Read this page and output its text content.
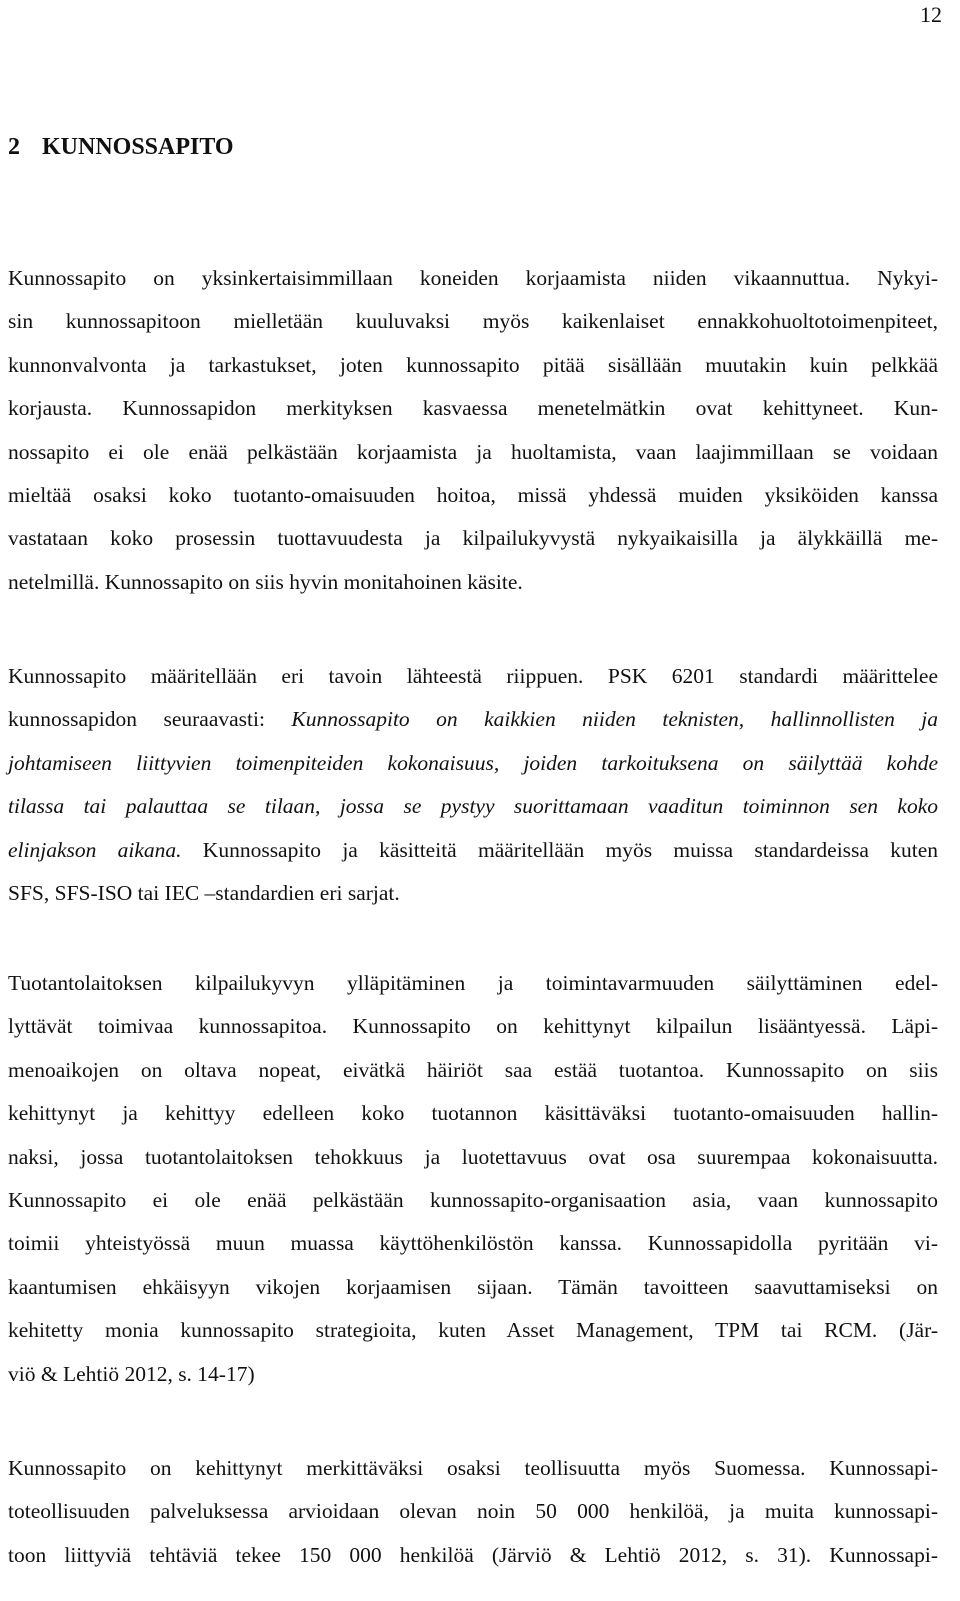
12
2 KUNNOSSAPITO
Kunnossapito on yksinkertaisimmillaan koneiden korjaamista niiden vikaannuttua. Nykyi-
sin kunnossapitoon mielletään kuuluvaksi myös kaikenlaiset ennakkohuoltotoimenpiteet,
kunnonvalvonta ja tarkastukset, joten kunnossapito pitää sisällään muutakin kuin pelkkää
korjausta. Kunnossapidon merkityksen kasvaessa menetelmätkin ovat kehittyneet. Kun-
nossapito ei ole enää pelkästään korjaamista ja huoltamista, vaan laajimmillaan se voidaan
mieltää osaksi koko tuotanto-omaisuuden hoitoa, missä yhdessä muiden yksiköiden kanssa
vastataan koko prosessin tuottavuudesta ja kilpailukyvystä nykyaikaisilla ja älykkäillä me-
netelmillä. Kunnossapito on siis hyvin monitahoinen käsite.
Kunnossapito määritellään eri tavoin lähteestä riippuen. PSK 6201 standardi määrittelee
kunnossapidon seuraavasti: Kunnossapito on kaikkien niiden teknisten, hallinnollisten ja
johtamiseen liittyvien toimenpiteiden kokonaisuus, joiden tarkoituksena on säilyttää kohde
tilassa tai palauttaa se tilaan, jossa se pystyy suorittamaan vaaditun toiminnon sen koko
elinjakson aikana. Kunnossapito ja käsitteitä määritellään myös muissa standardeissa kuten
SFS, SFS-ISO tai IEC –standardien eri sarjat.
Tuotantolaitoksen kilpailukyvyn ylläpitäminen ja toimintavarmuuden säilyttäminen edel-
lyttävät toimivaa kunnossapitoa. Kunnossapito on kehittynyt kilpailun lisääntyessä. Läpi-
menoaikojen on oltava nopeat, eivätkä häiriöt saa estää tuotantoa. Kunnossapito on siis
kehittynyt ja kehittyy edelleen koko tuotannon käsittäväksi tuotanto-omaisuuden hallin-
naksi, jossa tuotantolaitoksen tehokkuus ja luotettavuus ovat osa suurempaa kokonaisuutta.
Kunnossapito ei ole enää pelkästään kunnossapito-organisaation asia, vaan kunnossapito
toimii yhteistyössä muun muassa käyttöhenkilöstön kanssa. Kunnossapidolla pyritään vi-
kaantumisen ehkäisyyn vikojen korjaamisen sijaan. Tämän tavoitteen saavuttamiseksi on
kehitetty monia kunnossapito strategioita, kuten Asset Management, TPM tai RCM. (Jär-
viö & Lehtiö 2012, s. 14-17)
Kunnossapito on kehittynyt merkittäväksi osaksi teollisuutta myös Suomessa. Kunnossapi-
toteollisuuden palveluksessa arvioidaan olevan noin 50 000 henkilöä, ja muita kunnossapi-
toon liittyviä tehtäviä tekee 150 000 henkilöä (Järviö & Lehtiö 2012, s. 31). Kunnossapi-
